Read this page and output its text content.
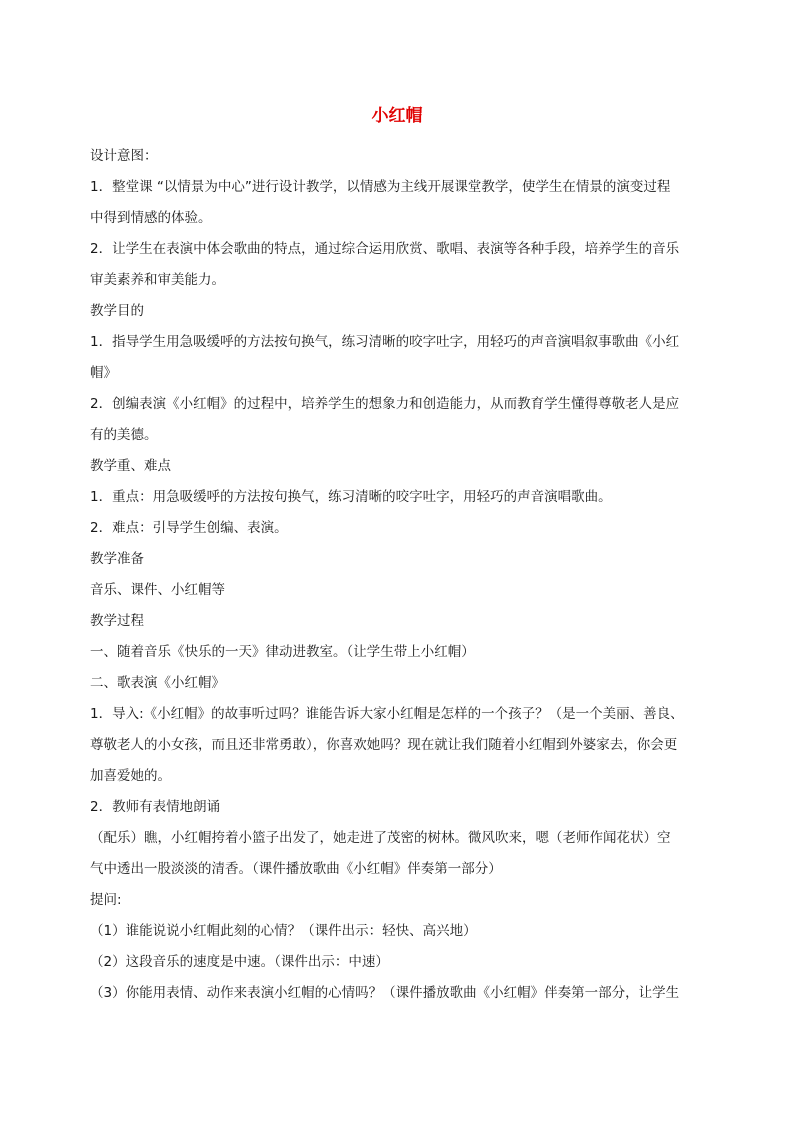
小红帽
设计意图：
1．整堂课 “以情景为中心”进行设计教学，以情感为主线开展课堂教学，使学生在情景的演变过程
中得到情感的体验。
2．让学生在表演中体会歌曲的特点，通过综合运用欣赏、歌唱、表演等各种手段，培养学生的音乐
审美素养和审美能力。
教学目的
1．指导学生用急吸缓呼的方法按句换气，练习清晰的咬字吐字，用轻巧的声音演唱叙事歌曲《小红
帽》
2．创编表演《小红帽》的过程中，培养学生的想象力和创造能力，从而教育学生懂得尊敬老人是应
有的美德。
教学重、难点
1．重点：用急吸缓呼的方法按句换气，练习清晰的咬字吐字，用轻巧的声音演唱歌曲。
2．难点：引导学生创编、表演。
教学准备
音乐、课件、小红帽等
教学过程
一、随着音乐《快乐的一天》律动进教室。（让学生带上小红帽）
二、歌表演《小红帽》
1．导入:《小红帽》的故事听过吗？谁能告诉大家小红帽是怎样的一个孩子？（是一个美丽、善良、
尊敬老人的小女孩，而且还非常勇敢），你喜欢她吗？现在就让我们随着小红帽到外婆家去，你会更
加喜爱她的。
2．教师有表情地朗诵
（配乐）瞧，小红帽挎着小篮子出发了，她走进了茂密的树林。微风吹来，嗯（老师作闻花状）空
气中透出一股淡淡的清香。（课件播放歌曲《小红帽》伴奏第一部分）
提问:
（1）谁能说说小红帽此刻的心情？（课件出示：轻快、高兴地）
（2）这段音乐的速度是中速。（课件出示：中速）
（3）你能用表情、动作来表演小红帽的心情吗？（课件播放歌曲《小红帽》伴奏第一部分，让学生
